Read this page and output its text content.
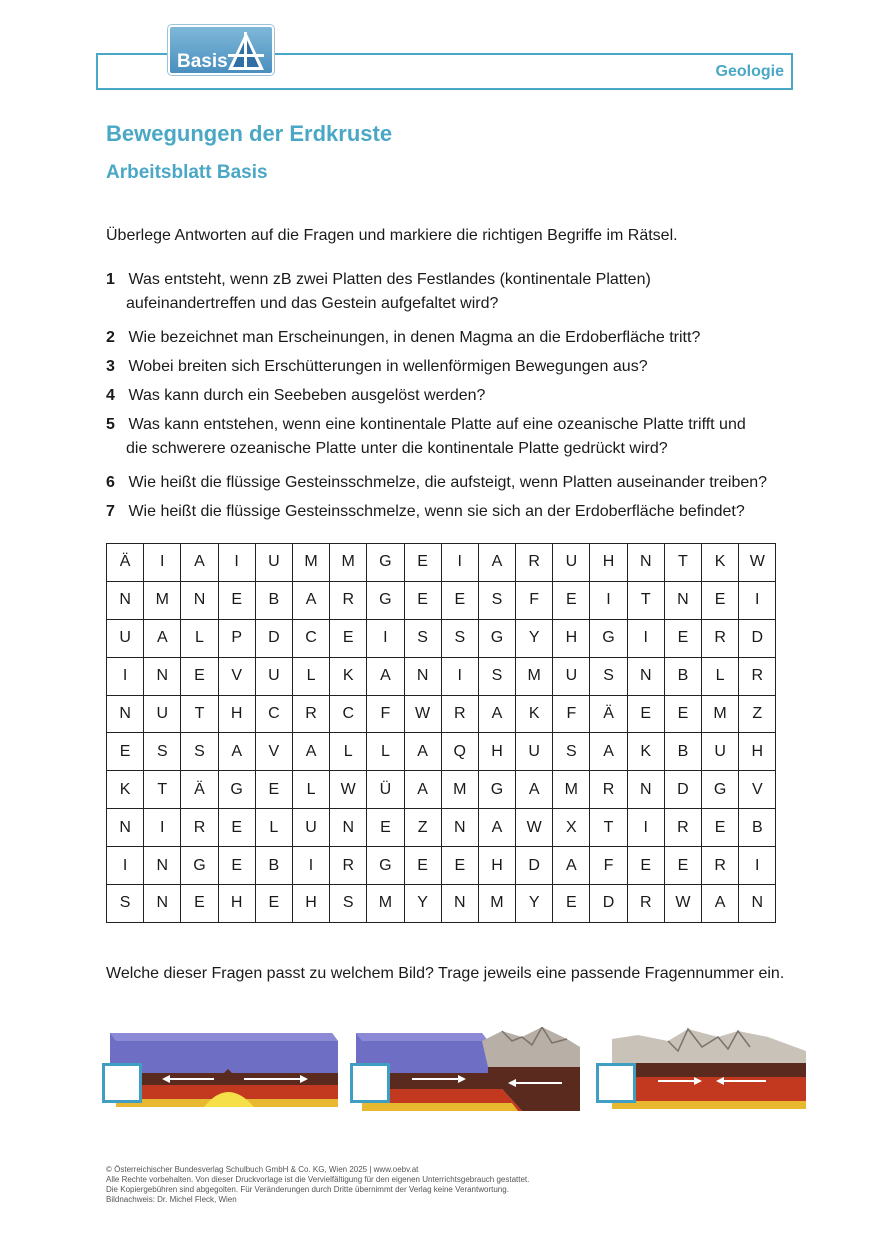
Basis	Geologie
Bewegungen der Erdkruste
Arbeitsblatt Basis
Überlege Antworten auf die Fragen und markiere die richtigen Begriffe im Rätsel.
1 Was entsteht, wenn zB zwei Platten des Festlandes (kontinentale Platten)
aufeinandertreffen und das Gestein aufgefaltet wird?
2 Wie bezeichnet man Erscheinungen, in denen Magma an die Erdoberfläche tritt?
3 Wobei breiten sich Erschütterungen in wellenförmigen Bewegungen aus?
4 Was kann durch ein Seebeben ausgelöst werden?
5 Was kann entstehen, wenn eine kontinentale Platte auf eine ozeanische Platte trifft und
die schwerere ozeanische Platte unter die kontinentale Platte gedrückt wird?
6 Wie heißt die flüssige Gesteinsschmelze, die aufsteigt, wenn Platten auseinander treiben?
7 Wie heißt die flüssige Gesteinsschmelze, wenn sie sich an der Erdoberfläche befindet?
Ä	I	A	I	U	M	M	G	E	I	A	R	U	H	N	T	K	W
N	M	N	E	B	A	R	G	E	E	S	F	E	I	T	N	E	I
U	A	L	P	D	C	E	I	S	S	G	Y	H	G	I	E	R	D
I	N	E	V	U	L	K	A	N	I	S	M	U	S	N	B	L	R
N	U	T	H	C	R	C	F	W	R	A	K	F	Ä	E	E	M	Z
E	S	S	A	V	A	L	L	A	Q	H	U	S	A	K	B	U	H
K	T	Ä	G	E	L	W	Ü	A	M	G	A	M	R	N	D	G	V
N	I	R	E	L	U	N	E	Z	N	A	W	X	T	I	R	E	B
I	N	G	E	B	I	R	G	E	E	H	D	A	F	E	E	R	I
S	N	E	H	E	H	S	M	Y	N	M	Y	E	D	R	W	A	N
Welche dieser Fragen passt zu welchem Bild? Trage jeweils eine passende Fragennummer ein.
© Österreichischer Bundesverlag Schulbuch GmbH & Co. KG, Wien 2025 | www.oebv.at
Alle Rechte vorbehalten. Von dieser Druckvorlage ist die Vervielfältigung für den eigenen Unterrichtsgebrauch gestattet.
Die Kopiergebühren sind abgegolten. Für Veränderungen durch Dritte übernimmt der Verlag keine Verantwortung.
Bildnachweis: Dr. Michel Fleck, Wien
